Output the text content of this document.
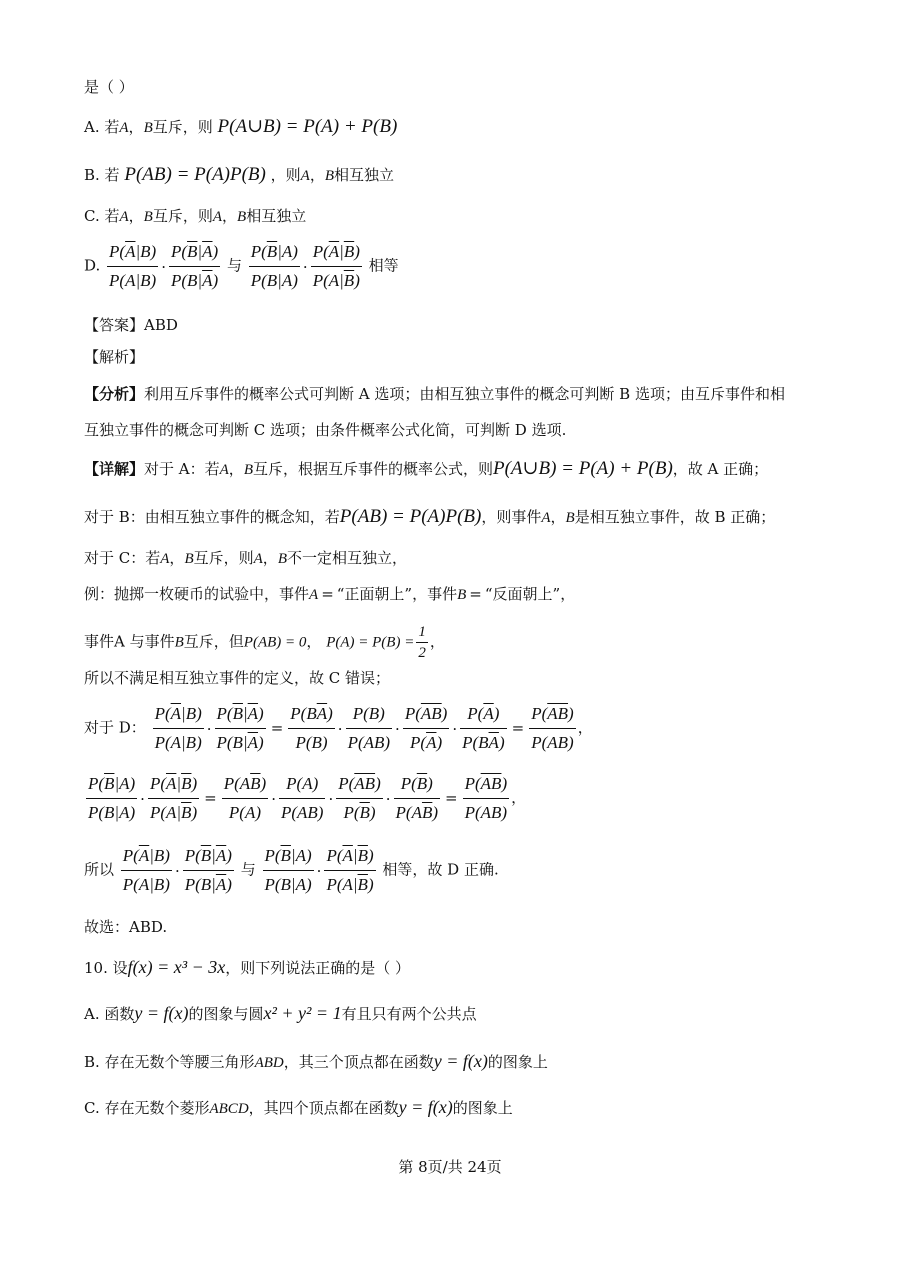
是（ ）
A. 若A，B互斥，则 P(A∪B) = P(A) + P(B)
B. 若 P(AB) = P(A)P(B) ，则A，B相互独立
C. 若A，B互斥，则A，B相互独立
D. $\frac{P(\overline{A}|B)}{P(A|B)} \cdot \frac{P(\overline{B}|\overline{A})}{P(B|\overline{A})}$ 与 $\frac{P(\overline{B}|A)}{P(B|A)} \cdot \frac{P(\overline{A}|\overline{B})}{P(A|\overline{B})}$ 相等
【答案】ABD
【解析】
【分析】利用互斥事件的概率公式可判断 A 选项；由相互独立事件的概念可判断 B 选项；由互斥事件和相
互独立事件的概念可判断 C 选项；由条件概率公式化简，可判断 D 选项.
【详解】对于 A：若A，B互斥，根据互斥事件的概率公式，则P(A∪B) = P(A) + P(B)，故 A 正确；
对于 B：由相互独立事件的概念知，若P(AB) = P(A)P(B)，则事件A，B是相互独立事件，故 B 正确；
对于 C：若A，B互斥，则A，B不一定相互独立，
例：抛掷一枚硬币的试验中，事件A = “正面朝上”，事件B = “反面朝上”，
事件A 与事件B互斥，但P(AB) = 0， $P(A) = P(B) = \frac{1}{2}$ ，
所以不满足相互独立事件的定义，故 C 错误；
对于 D： $\frac{P(\overline{A}|B)}{P(A|B)} \cdot \frac{P(\overline{B}|\overline{A})}{P(B|\overline{A})} = \frac{P(B\overline{A})}{P(B)} \cdot \frac{P(B)}{P(AB)} \cdot \frac{P(\overline{AB})}{P(\overline{A})} \cdot \frac{P(\overline{A})}{P(B\overline{A})} = \frac{P(\overline{AB})}{P(AB)}$ ，
$\frac{P(\overline{B}|A)}{P(B|A)} \cdot \frac{P(\overline{A}|\overline{B})}{P(A|\overline{B})} = \frac{P(A\overline{B})}{P(A)} \cdot \frac{P(A)}{P(AB)} \cdot \frac{P(\overline{AB})}{P(\overline{B})} \cdot \frac{P(\overline{B})}{P(A\overline{B})} = \frac{P(\overline{AB})}{P(AB)}$ ，
所以 $\frac{P(\overline{A}|B)}{P(A|B)} \cdot \frac{P(\overline{B}|\overline{A})}{P(B|\overline{A})}$ 与 $\frac{P(\overline{B}|A)}{P(B|A)} \cdot \frac{P(\overline{A}|\overline{B})}{P(A|\overline{B})}$ 相等，故 D 正确.
故选：ABD.
10. 设f(x) = x³ − 3x，则下列说法正确的是（ ）
A. 函数y = f(x)的图象与圆x² + y² = 1有且只有两个公共点
B. 存在无数个等腰三角形ABD，其三个顶点都在函数y = f(x)的图象上
C. 存在无数个菱形ABCD，其四个顶点都在函数y = f(x)的图象上
第 8页/共 24页
